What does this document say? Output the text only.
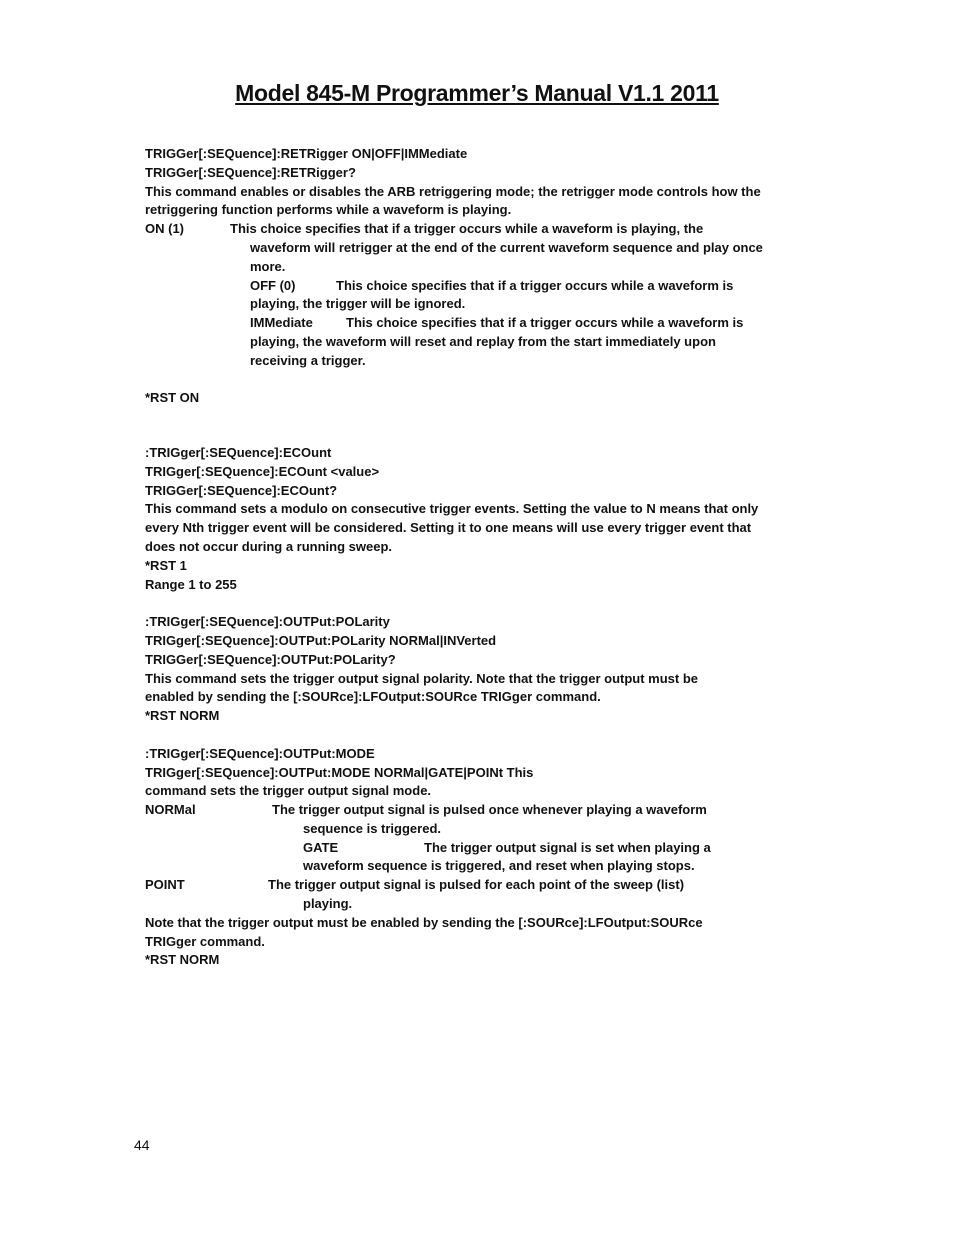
Model 845-M Programmer’s Manual V1.1 2011
TRIGGer[:SEQuence]:RETRigger ON|OFF|IMMediate
TRIGGer[:SEQuence]:RETRigger?
This command enables or disables the ARB retriggering mode; the retrigger mode controls how the
retriggering function performs while a waveform is playing.
ON (1)	This choice specifies that if a trigger occurs while a waveform is playing, the
waveform will retrigger at the end of the current waveform sequence and play once
more.
OFF (0)	This choice specifies that if a trigger occurs while a waveform is
playing, the trigger will be ignored.
IMMediate	This choice specifies that if a trigger occurs while a waveform is
playing, the waveform will reset and replay from the start immediately upon
receiving a trigger.
*RST ON
:TRIGger[:SEQuence]:ECOunt
TRIGger[:SEQuence]:ECOunt <value>
TRIGGer[:SEQuence]:ECOunt?
This command sets a modulo on consecutive trigger events. Setting the value to N means that only
every Nth trigger event will be considered. Setting it to one means will use every trigger event that
does not occur during a running sweep.
*RST 1
Range 1 to 255
:TRIGger[:SEQuence]:OUTPut:POLarity
TRIGger[:SEQuence]:OUTPut:POLarity NORMal|INVerted
TRIGGer[:SEQuence]:OUTPut:POLarity?
This command sets the trigger output signal polarity. Note that the trigger output must be
enabled by sending the [:SOURce]:LFOutput:SOURce TRIGger command.
*RST NORM
:TRIGger[:SEQuence]:OUTPut:MODE
TRIGger[:SEQuence]:OUTPut:MODE NORMal|GATE|POINt This
command sets the trigger output signal mode.
NORMal	The trigger output signal is pulsed once whenever playing a waveform
sequence is triggered.
GATE	The trigger output signal is set when playing a
waveform sequence is triggered, and reset when playing stops.
POINT	The trigger output signal is pulsed for each point of the sweep (list)
playing.
Note that the trigger output must be enabled by sending the [:SOURce]:LFOutput:SOURce
TRIGger command.
*RST NORM
44
